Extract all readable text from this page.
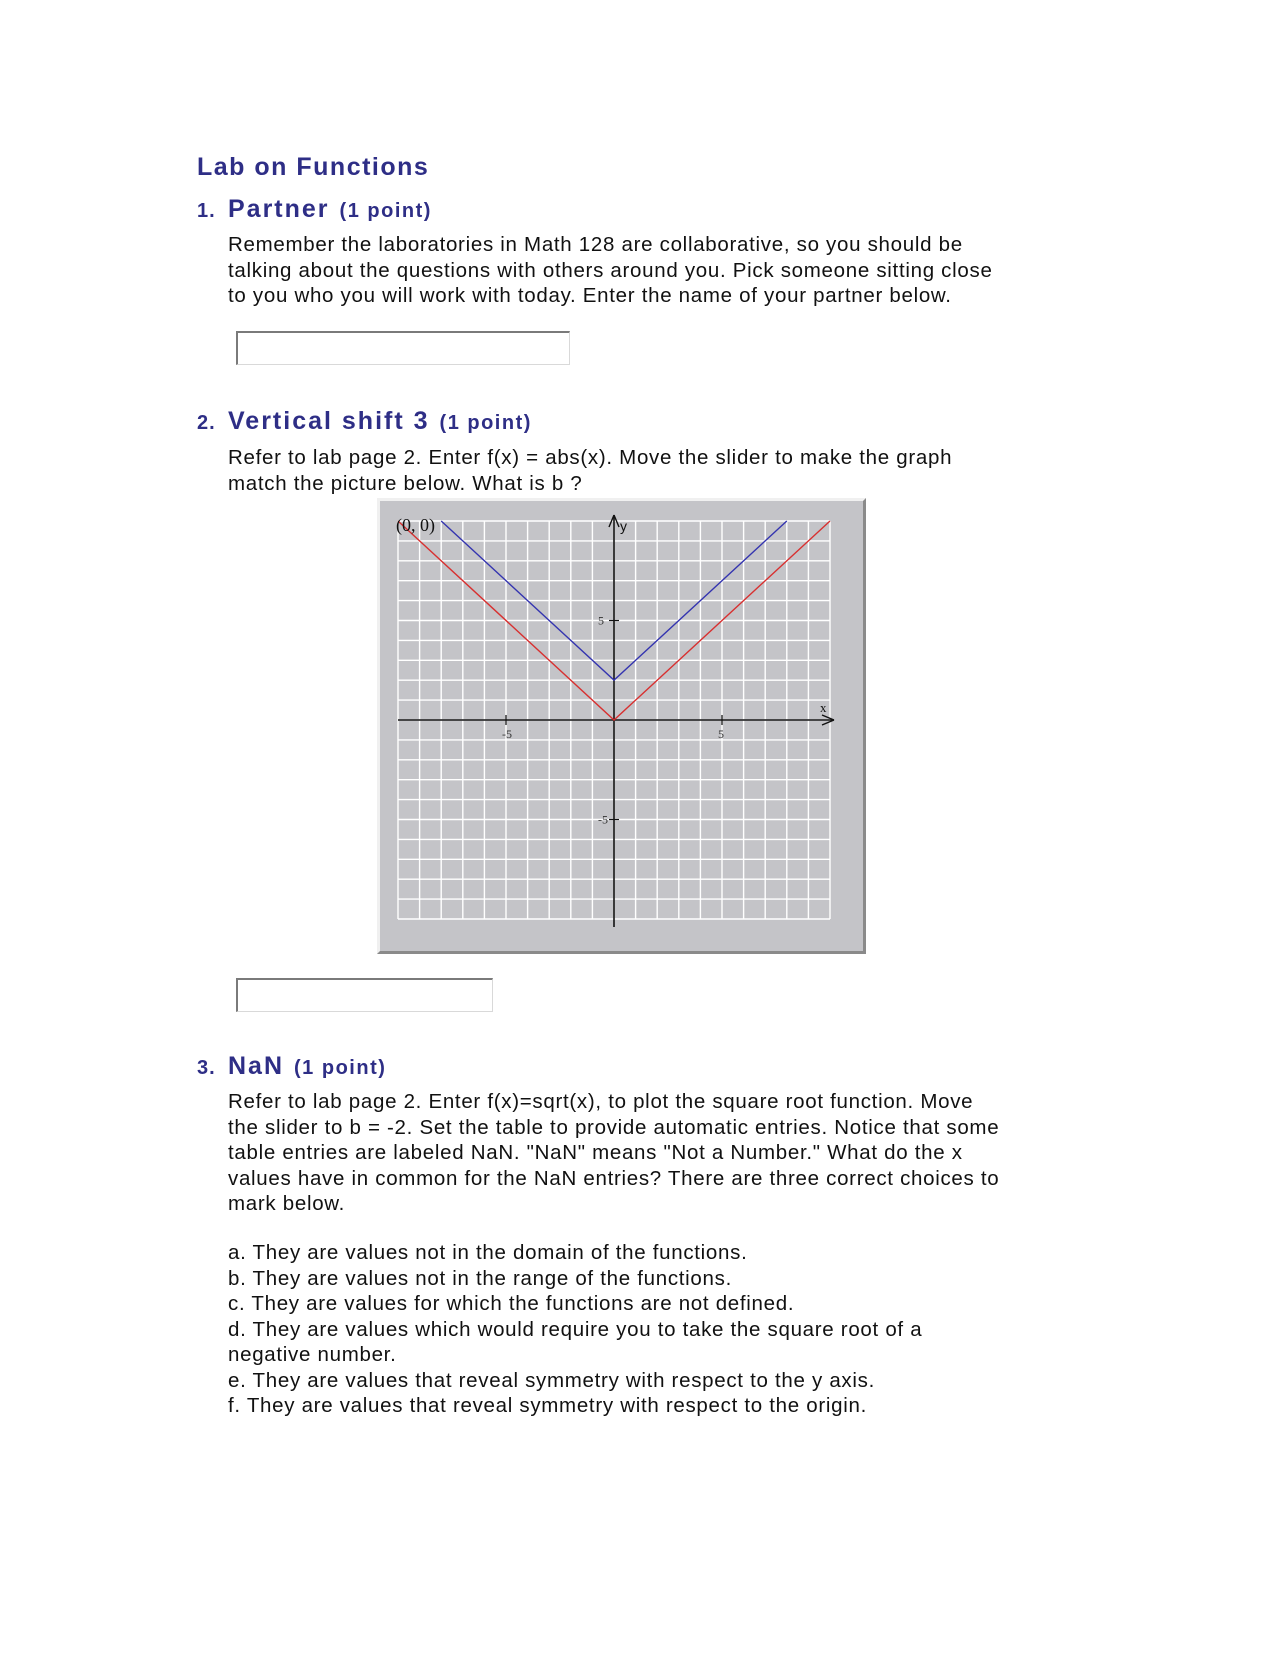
Lab on Functions
1. Partner (1 point)

Remember the laboratories in Math 128 are collaborative, so you should be

talking about the questions with others around you. Pick someone sitting close

to you who you will work with today. Enter the name of your partner below.

2. Vertical shift 3 (1 point)

Refer to lab page 2. Enter f(x) = abs(x). Move the slider to make the graph

match the picture below. What is b ?

x
y
-5	5
5
-5
(0, 0)
3. NaN (1 point)

Refer to lab page 2. Enter f(x)=sqrt(x), to plot the square root function. Move

the slider to b = -2. Set the table to provide automatic entries. Notice that some

table entries are labeled NaN. "NaN" means "Not a Number." What do the x

values have in common for the NaN entries? There are three correct choices to

mark below.

a. They are values not in the domain of the functions.
b. They are values not in the range of the functions.
c. They are values for which the functions are not defined.
d. They are values which would require you to take the square root of a
negative number.
e. They are values that reveal symmetry with respect to the y axis.
f. They are values that reveal symmetry with respect to the origin.
